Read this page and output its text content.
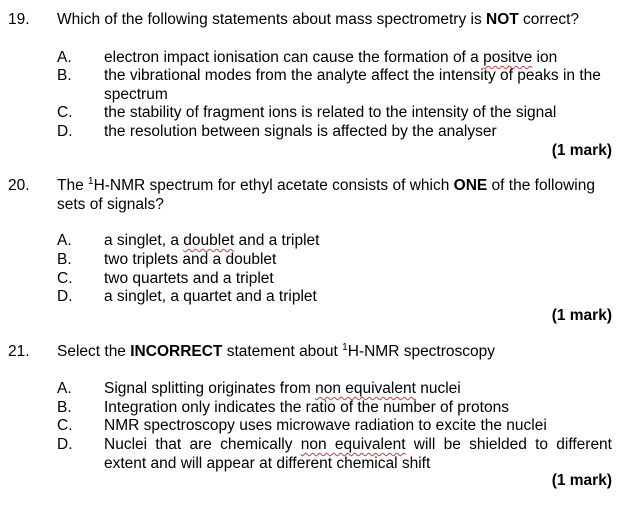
19. Which of the following statements about mass spectrometry is NOT correct?
A. electron impact ionisation can cause the formation of a positve ion
B. the vibrational modes from the analyte affect the intensity of peaks in the
spectrum
C. the stability of fragment ions is related to the intensity of the signal
D. the resolution between signals is affected by the analyser
(1 mark)
20. The $^1$H-NMR spectrum for ethyl acetate consists of which ONE of the following
sets of signals?
A. a singlet, a doublet and a triplet
B. two triplets and a doublet
C. two quartets and a triplet
D. a singlet, a quartet and a triplet
(1 mark)
21. Select the INCORRECT statement about $^1$H-NMR spectroscopy
A. Signal splitting originates from non equivalent nuclei
B. Integration only indicates the ratio of the number of protons
C. NMR spectroscopy uses microwave radiation to excite the nuclei
D. Nuclei that are chemically non equivalent will be shielded to different
extent and will appear at different chemical shift
(1 mark)
